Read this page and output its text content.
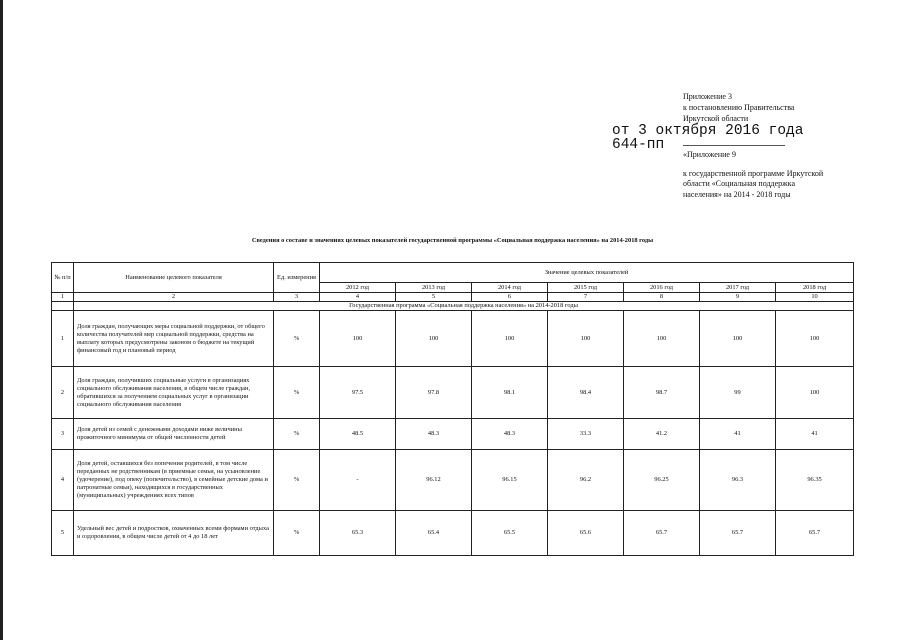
Приложение 3
к постановлению Правительства
Иркутской области
от 3 октября 2016 года
644-пп
«Приложение 9
к государственной программе Иркутской
области «Социальная поддержка
населения» на 2014 - 2018 годы
Сведения о составе и значениях целевых показателей государственной программы «Социальная поддержка населения» на 2014-2018 годы
№ п/п	Наименование целевого показателя	Ед. измерения	Значение целевых показателей						
			2012 год	2013 год	2014 год	2015 год	2016 год	2017 год	2018 год
1	2	3	4	5	6	7	8	9	10
	Государственная программа «Социальная поддержка населения» на 2014-2018 годы								
1	Доля граждан, получающих меры социальной поддержки, от общего количества получателей мер социальной поддержки, средства на выплату которых предусмотрены законом о бюджете на текущий финансовый год и плановый период	%	100	100	100	100	100	100	100
2	Доля граждан, получивших социальные услуги в организациях социального обслуживания населения, в общем числе граждан, обратившихся за получением социальных услуг в организации социального обслуживания населения	%	97.5	97.8	98.1	98.4	98.7	99	100
3	Доля детей из семей с денежными доходами ниже величины прожиточного минимума от общей численности детей	%	48.5	48.3	48.3	33.3	41.2	41	41
4	Доля детей, оставшихся без попечения родителей, в том числе переданных не родственникам (в приемные семьи, на усыновление (удочерение), под опеку (попечительство), в семейные детские дома и патронатные семьи), находящихся в государственных (муниципальных) учреждениях всех типов	%	-	96.12	96.15	96.2	96.25	96.3	96.35
5	Удельный вес детей и подростков, охваченных всеми формами отдыха и оздоровления, в общем числе детей от 4 до 18 лет	%	65.3	65.4	65.5	65.6	65.7	65.7	65.7
